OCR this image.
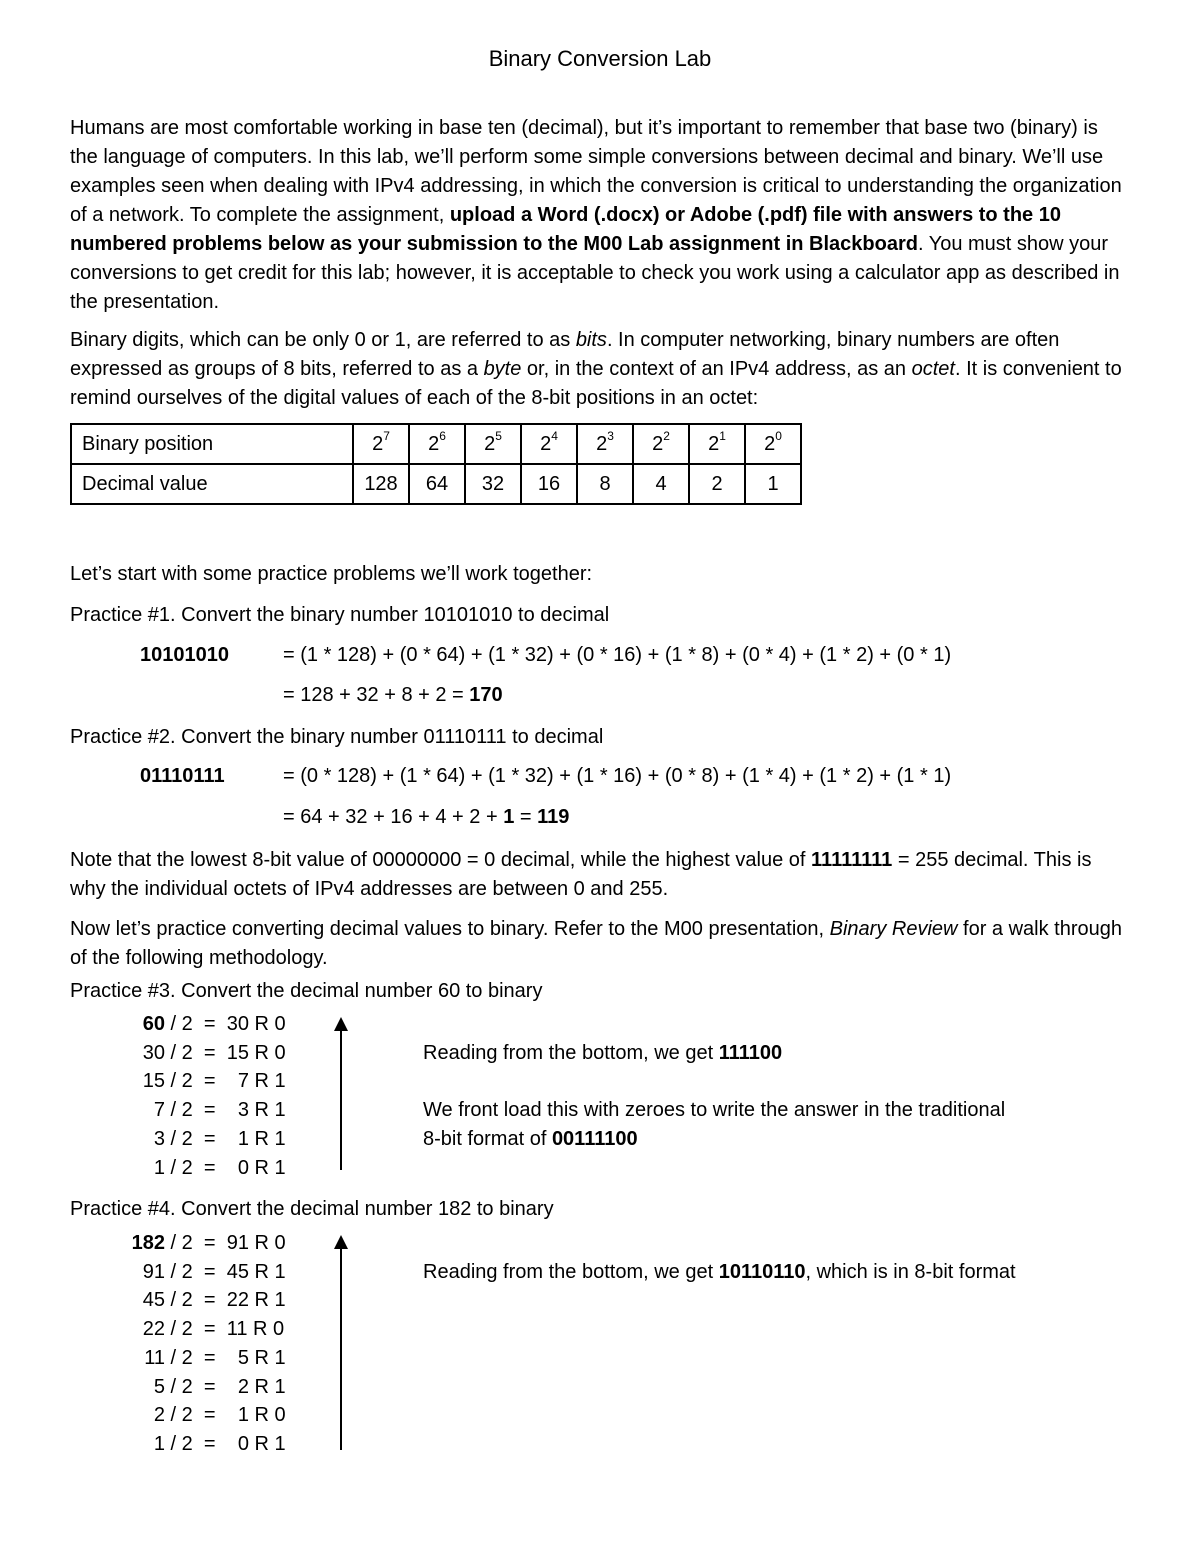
Binary Conversion Lab
Humans are most comfortable working in base ten (decimal), but it’s important to remember that base two (binary) is the language of computers. In this lab, we’ll perform some simple conversions between decimal and binary. We’ll use examples seen when dealing with IPv4 addressing, in which the conversion is critical to understanding the organization of a network. To complete the assignment, upload a Word (.docx) or Adobe (.pdf) file with answers to the 10 numbered problems below as your submission to the M00 Lab assignment in Blackboard. You must show your conversions to get credit for this lab; however, it is acceptable to check you work using a calculator app as described in the presentation.
Binary digits, which can be only 0 or 1, are referred to as bits. In computer networking, binary numbers are often expressed as groups of 8 bits, referred to as a byte or, in the context of an IPv4 address, as an octet. It is convenient to remind ourselves of the digital values of each of the 8-bit positions in an octet:
Binary position	$2^7$	$2^6$	$2^5$	$2^4$	$2^3$	$2^2$	$2^1$	$2^0$
Decimal value	128	64	32	16	8	4	2	1
Let’s start with some practice problems we’ll work together:
Practice #1. Convert the binary number 10101010 to decimal
10101010	= (1 * 128) + (0 * 64) + (1 * 32) + (0 * 16) + (1 * 8) + (0 * 4) + (1 * 2) + (0 * 1)
= 128 + 32 + 8 + 2 = 170
Practice #2. Convert the binary number 01110111 to decimal
01110111	= (0 * 128) + (1 * 64) + (1 * 32) + (1 * 16) + (0 * 8) + (1 * 4) + (1 * 2) + (1 * 1)
= 64 + 32 + 16 + 4 + 2 + 1 = 119
Note that the lowest 8-bit value of 00000000 = 0 decimal, while the highest value of 11111111 = 255 decimal. This is why the individual octets of IPv4 addresses are between 0 and 255.
Now let’s practice converting decimal values to binary. Refer to the M00 presentation, Binary Review for a walk through of the following methodology.
Practice #3. Convert the decimal number 60 to binary
60 / 2  =  30 R 0
30 / 2  =  15 R 0
15 / 2  =    7 R 1
7 / 2  =    3 R 1
3 / 2  =    1 R 1
1 / 2  =    0 R 1
Reading from the bottom, we get 111100
We front load this with zeroes to write the answer in the traditional
8-bit format of 00111100
Practice #4. Convert the decimal number 182 to binary
182 / 2  =  91 R 0
91 / 2  =  45 R 1
45 / 2  =  22 R 1
22 / 2  =  11 R 0
11 / 2  =    5 R 1
5 / 2  =    2 R 1
2 / 2  =    1 R 0
1 / 2  =    0 R 1
Reading from the bottom, we get 10110110, which is in 8-bit format
